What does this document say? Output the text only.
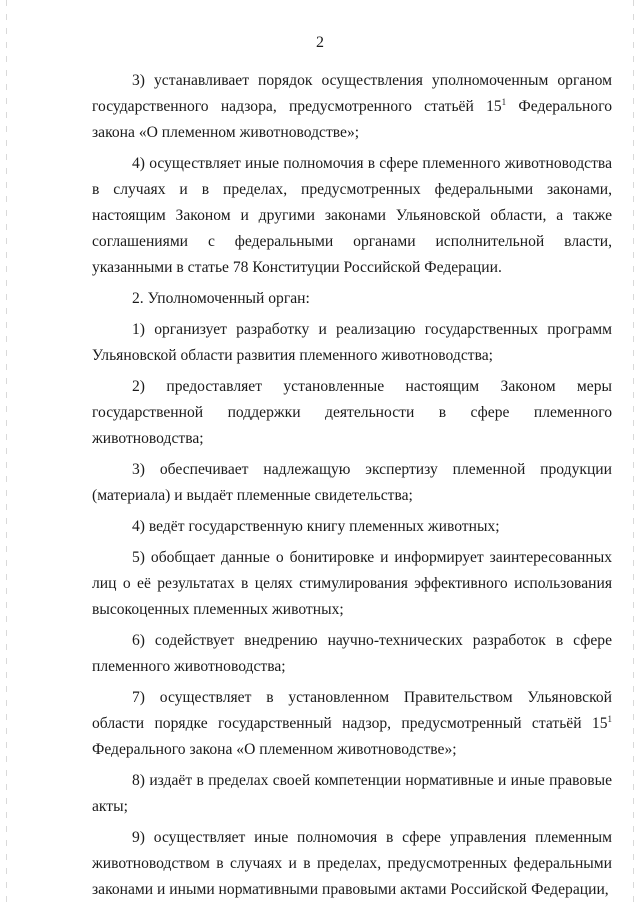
2

3) устанавливает порядок осуществления уполномоченным органом государственного надзора, предусмотренного статьёй $15^1$ Федерального закона «О племенном животноводстве»;

4) осуществляет иные полномочия в сфере племенного животноводства в случаях и в пределах, предусмотренных федеральными законами, настоящим Законом и другими законами Ульяновской области, а также соглашениями с федеральными органами исполнительной власти, указанными в статье 78 Конституции Российской Федерации.

2. Уполномоченный орган:

1) организует разработку и реализацию государственных программ Ульяновской области развития племенного животноводства;

2) предоставляет установленные настоящим Законом меры государственной поддержки деятельности в сфере племенного животноводства;

3) обеспечивает надлежащую экспертизу племенной продукции (материала) и выдаёт племенные свидетельства;

4) ведёт государственную книгу племенных животных;

5) обобщает данные о бонитировке и информирует заинтересованных лиц о её результатах в целях стимулирования эффективного использования высокоценных племенных животных;

6) содействует внедрению научно-технических разработок в сфере племенного животноводства;

7) осуществляет в установленном Правительством Ульяновской области порядке государственный надзор, предусмотренный статьёй $15^1$ Федерального закона «О племенном животноводстве»;

8) издаёт в пределах своей компетенции нормативные и иные правовые акты;

9) осуществляет иные полномочия в сфере управления племенным животноводством в случаях и в пределах, предусмотренных федеральными законами и иными нормативными правовыми актами Российской Федерации,
